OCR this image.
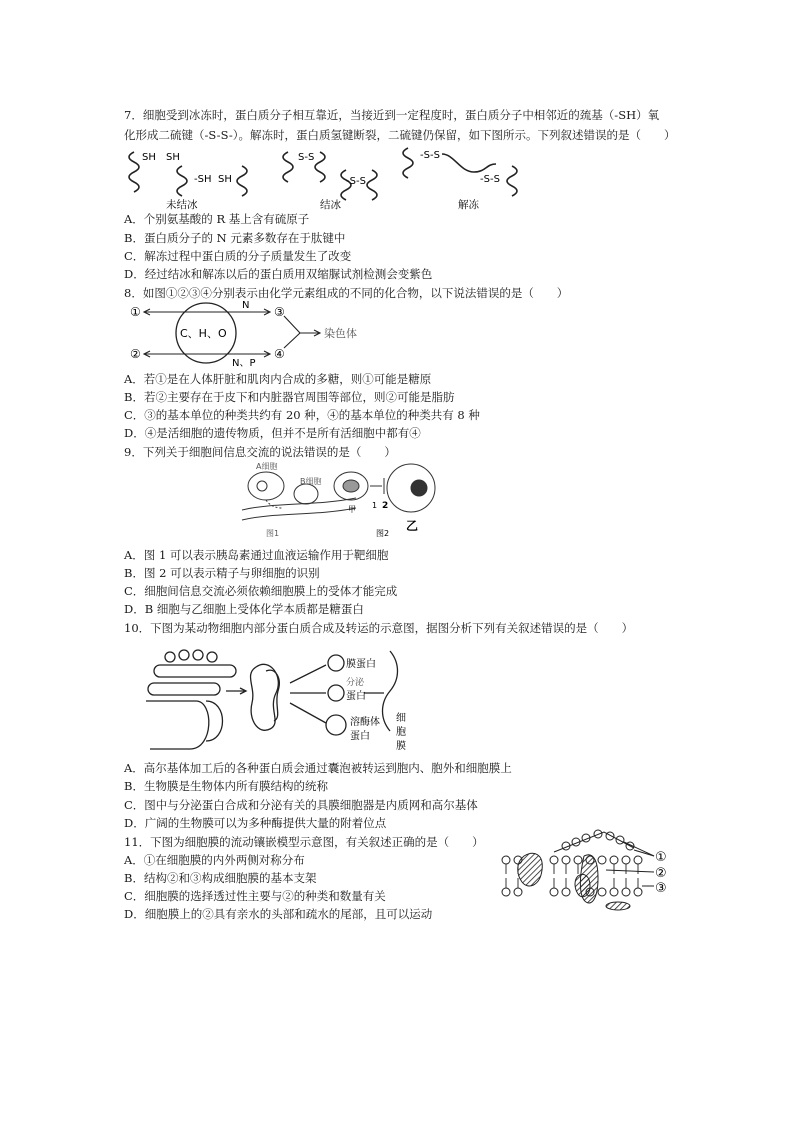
7．细胞受到冰冻时，蛋白质分子相互靠近，当接近到一定程度时，蛋白质分子中相邻近的巯基（-SH）氧
化形成二硫键（-S-S-）。解冻时，蛋白质氢键断裂，二硫键仍保留，如下图所示。下列叙述错误的是（　　）
SH SH
-SH SH
S-S
-S-S
-S-S
-S-S
未结冰	结冰	解冻
A．个别氨基酸的 R 基上含有硫原子
B．蛋白质分子的 N 元素多数存在于肽键中
C．解冻过程中蛋白质的分子质量发生了改变
D．经过结冰和解冻以后的蛋白质用双缩脲试剂检测会变紫色
8．如图①②③④分别表示由化学元素组成的不同的化合物，以下说法错误的是（　　）
①
②
③
④
C、H、O
N
N、P
染色体
A．若①是在人体肝脏和肌肉内合成的多糖，则①可能是糖原
B．若②主要存在于皮下和内脏器官周围等部位，则②可能是脂肪
C．③的基本单位的种类共约有 20 种，④的基本单位的种类共有 8 种
D．④是活细胞的遗传物质，但并不是所有活细胞中都有④
9．下列关于细胞间信息交流的说法错误的是（　　）
A细胞
B细胞
图1
甲 1 2
图2
乙
A．图 1 可以表示胰岛素通过血液运输作用于靶细胞
B．图 2 可以表示精子与卵细胞的识别
C．细胞间信息交流必须依赖细胞膜上的受体才能完成
D．B 细胞与乙细胞上受体化学本质都是糖蛋白
10．下图为某动物细胞内部分蛋白质合成及转运的示意图，据图分析下列有关叙述错误的是（　　）
膜蛋白
分泌
蛋白
溶酶体
蛋白
细
胞
膜
A．高尔基体加工后的各种蛋白质会通过囊泡被转运到胞内、胞外和细胞膜上
B．生物膜是生物体内所有膜结构的统称
C．图中与分泌蛋白合成和分泌有关的具膜细胞器是内质网和高尔基体
D．广阔的生物膜可以为多种酶提供大量的附着位点
11．下图为细胞膜的流动镶嵌模型示意图，有关叙述正确的是（　　）
A．①在细胞膜的内外两侧对称分布
B．结构②和③构成细胞膜的基本支架
C．细胞膜的选择透过性主要与②的种类和数量有关
D．细胞膜上的②具有亲水的头部和疏水的尾部，且可以运动
①
②
③
